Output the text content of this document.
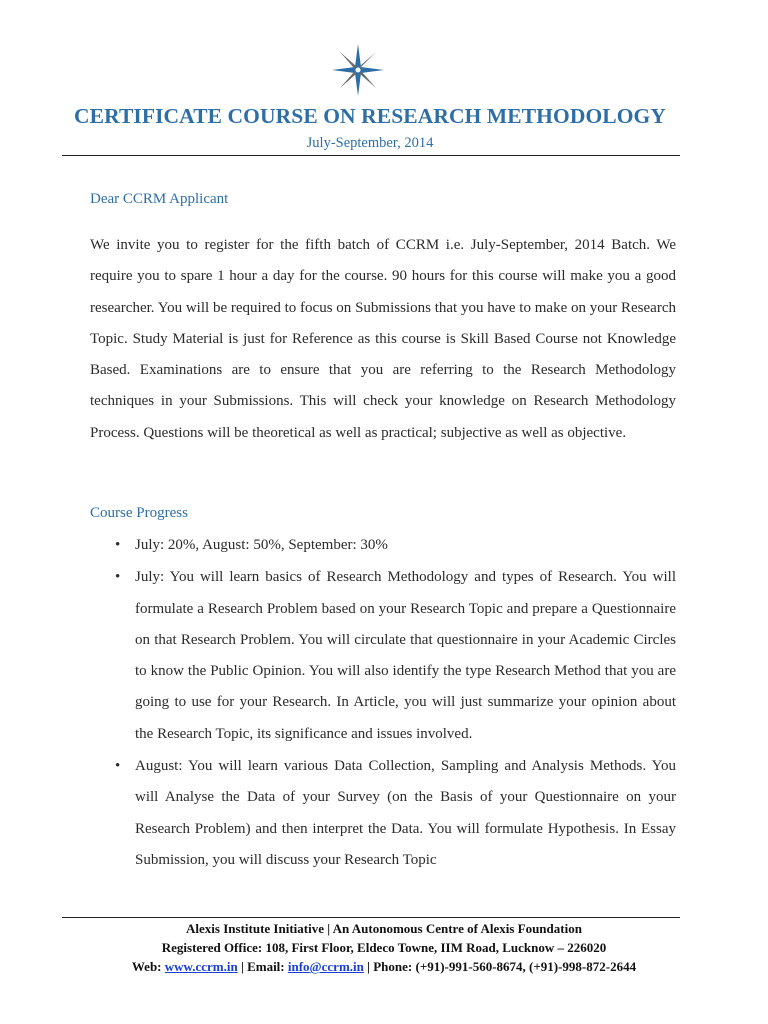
CERTIFICATE COURSE ON RESEARCH METHODOLOGY
July-September, 2014
Dear CCRM Applicant

We invite you to register for the fifth batch of CCRM i.e. July-September, 2014 Batch. We require you to spare 1 hour a day for the course. 90 hours for this course will make you a good researcher. You will be required to focus on Submissions that you have to make on your Research Topic. Study Material is just for Reference as this course is Skill Based Course not Knowledge Based. Examinations are to ensure that you are referring to the Research Methodology techniques in your Submissions. This will check your knowledge on Research Methodology Process. Questions will be theoretical as well as practical; subjective as well as objective.

Course Progress
• July: 20%, August: 50%, September: 30%
• July: You will learn basics of Research Methodology and types of Research. You will formulate a Research Problem based on your Research Topic and prepare a Questionnaire on that Research Problem. You will circulate that questionnaire in your Academic Circles to know the Public Opinion. You will also identify the type Research Method that you are going to use for your Research. In Article, you will just summarize your opinion about the Research Topic, its significance and issues involved.
• August: You will learn various Data Collection, Sampling and Analysis Methods. You will Analyse the Data of your Survey (on the Basis of your Questionnaire on your Research Problem) and then interpret the Data. You will formulate Hypothesis. In Essay Submission, you will discuss your Research Topic
Alexis Institute Initiative | An Autonomous Centre of Alexis Foundation
Registered Office: 108, First Floor, Eldeco Towne, IIM Road, Lucknow – 226020
Web: www.ccrm.in | Email: info@ccrm.in | Phone: (+91)-991-560-8674, (+91)-998-872-2644
